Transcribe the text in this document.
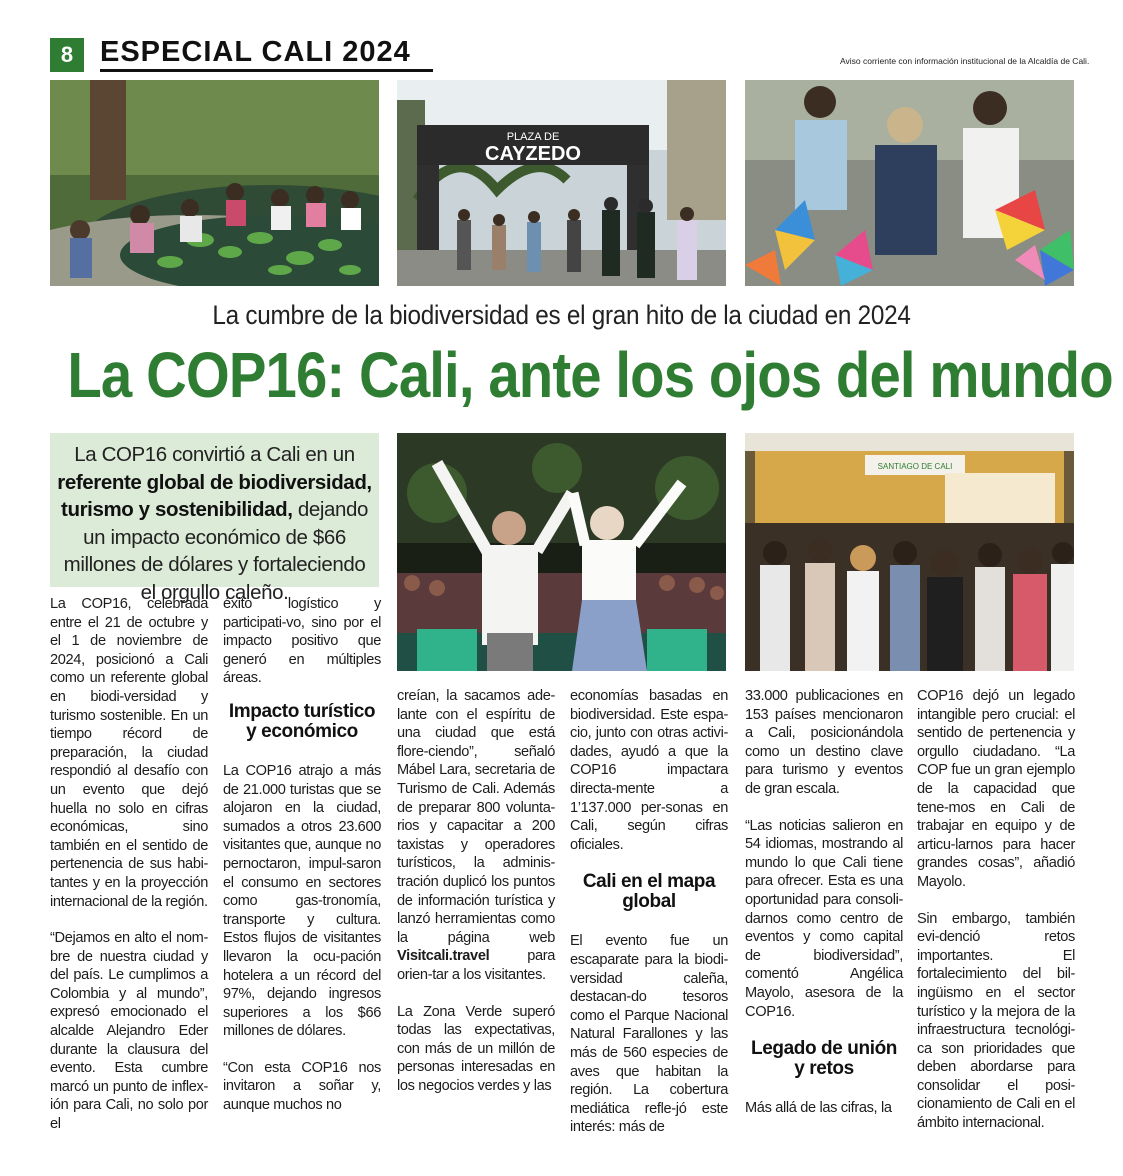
8 ESPECIAL CALI 2024	Aviso corriente con información institucional de la Alcaldía de Cali.
PLAZA DE
CAYZEDO
La cumbre de la biodiversidad es el gran hito de la ciudad en 2024
La COP16: Cali, ante los ojos del mundo
La COP16 convirtió a Cali en un referente global de biodiversidad, turismo y sostenibilidad, dejando un impacto económico de $66 millones de dólares y fortaleciendo el orgullo caleño.
SANTIAGO DE CALI

La COP16, celebrada entre el 21 de octubre y el 1 de noviembre de 2024, posicionó a Cali como un referente global en biodi-versidad y turismo sostenible. En un tiempo récord de preparación, la ciudad respondió al desafío con un evento que dejó huella no solo en cifras económicas, sino también en el sentido de pertenencia de sus habi-tantes y en la proyección internacional de la región.

“Dejamos en alto el nom-bre de nuestra ciudad y del país. Le cumplimos a Colombia y al mundo”, expresó emocionado el alcalde Alejandro Eder durante la clausura del evento. Esta cumbre marcó un punto de inflex-ión para Cali, no solo por el

éxito logístico y participati-vo, sino por el impacto positivo que generó en múltiples áreas.

Impacto turístico y económico

La COP16 atrajo a más de 21.000 turistas que se alojaron en la ciudad, sumados a otros 23.600 visitantes que, aunque no pernoctaron, impul-saron el consumo en sectores como gas-tronomía, transporte y cultura. Estos flujos de visitantes llevaron la ocu-pación hotelera a un récord del 97%, dejando ingresos superiores a los $66 millones de dólares.

“Con esta COP16 nos invitaron a soñar y, aunque muchos no

creían, la sacamos ade-lante con el espíritu de una ciudad que está flore-ciendo”, señaló Mábel Lara, secretaria de Turismo de Cali. Además de preparar 800 volunta-rios y capacitar a 200 taxistas y operadores turísticos, la adminis-tración duplicó los puntos de información turística y lanzó herramientas como la página web Visitcali.travel	para orien-tar a los visitantes.

La Zona Verde superó todas las expectativas, con más de un millón de personas interesadas en los negocios verdes y las

economías basadas en biodiversidad. Este espa-cio, junto con otras activi-dades, ayudó a que la COP16 impactara directa-mente a 1’137.000 per-sonas en Cali, según cifras oficiales.

Cali en el mapa global

El evento fue un escaparate para la biodi-versidad caleña, destacan-do tesoros como el Parque Nacional Natural Farallones y las más de 560 especies de aves que habitan la región. La cobertura mediática refle-jó este interés: más de

33.000 publicaciones en 153 países mencionaron a Cali, posicionándola como un destino clave para turismo y eventos de gran escala.

“Las noticias salieron en 54 idiomas, mostrando al mundo lo que Cali tiene para ofrecer. Esta es una oportunidad para consoli-darnos como centro de eventos y como capital de biodiversidad”, comentó Angélica Mayolo, asesora de la COP16.

Legado de unión y retos

Más allá de las cifras, la

COP16 dejó un legado intangible pero crucial: el sentido de pertenencia y orgullo ciudadano. “La COP fue un gran ejemplo de la capacidad que tene-mos en Cali de trabajar en equipo y de articu-larnos para hacer grandes cosas”, añadió Mayolo.

Sin embargo, también evi-denció retos importantes. El fortalecimiento del bil-ingüismo en el sector turístico y la mejora de la infraestructura tecnológi-ca son prioridades que deben abordarse para consolidar el posi-cionamiento de Cali en el ámbito internacional.
